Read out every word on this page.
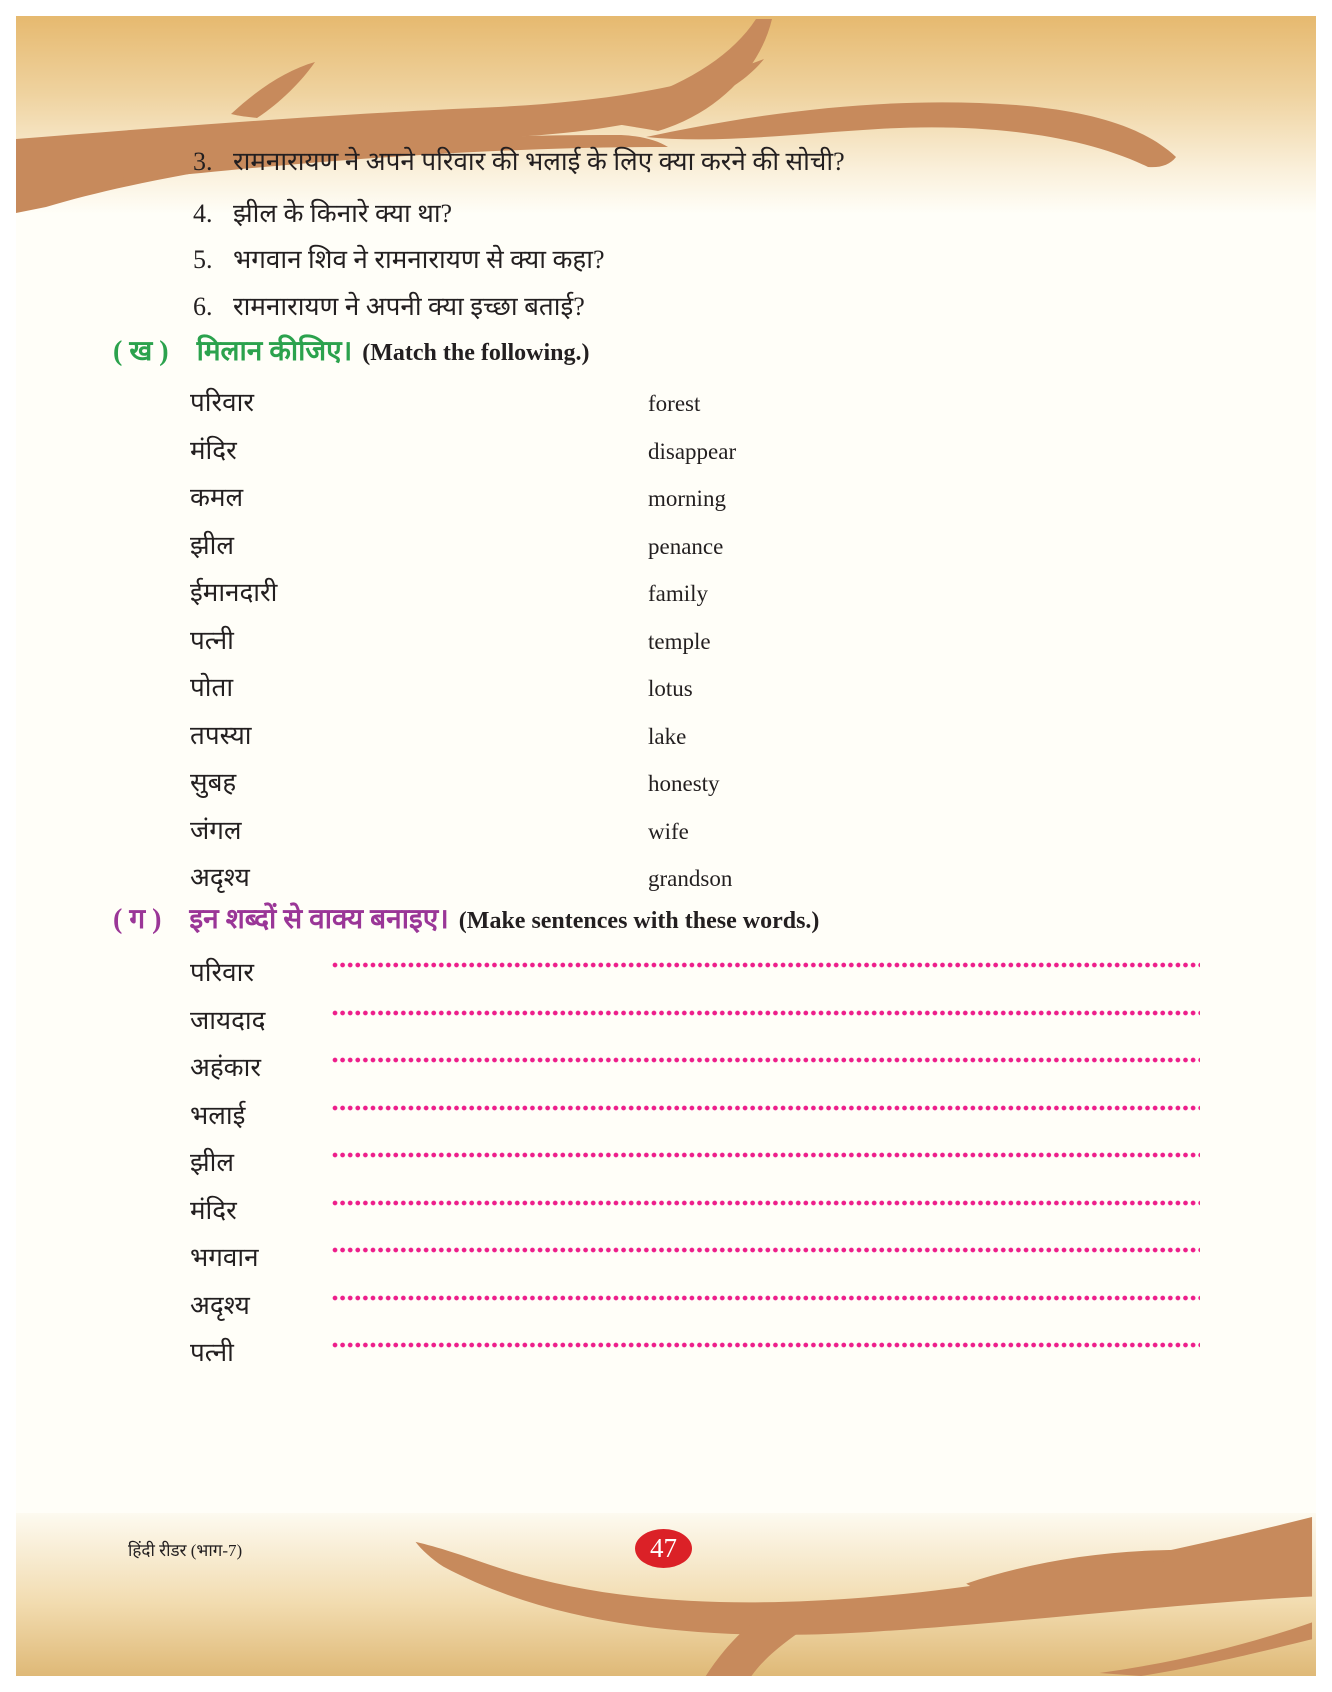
3. रामनारायण ने अपने परिवार की भलाई के लिए क्या करने की सोची?
4. झील के किनारे क्या था?
5. भगवान शिव ने रामनारायण से क्या कहा?
6. रामनारायण ने अपनी क्या इच्छा बताई?
( ख ) मिलान कीजिए। (Match the following.)
परिवार	forest
मंदिर	disappear
कमल	morning
झील	penance
ईमानदारी	family
पत्नी	temple
पोता	lotus
तपस्या	lake
सुबह	honesty
जंगल	wife
अदृश्य	grandson
( ग ) इन शब्दों से वाक्य बनाइए। (Make sentences with these words.)
परिवार
जायदाद
अहंकार
भलाई
झील
मंदिर
भगवान
अदृश्य
पत्नी
हिंदी रीडर (भाग-7)	47
